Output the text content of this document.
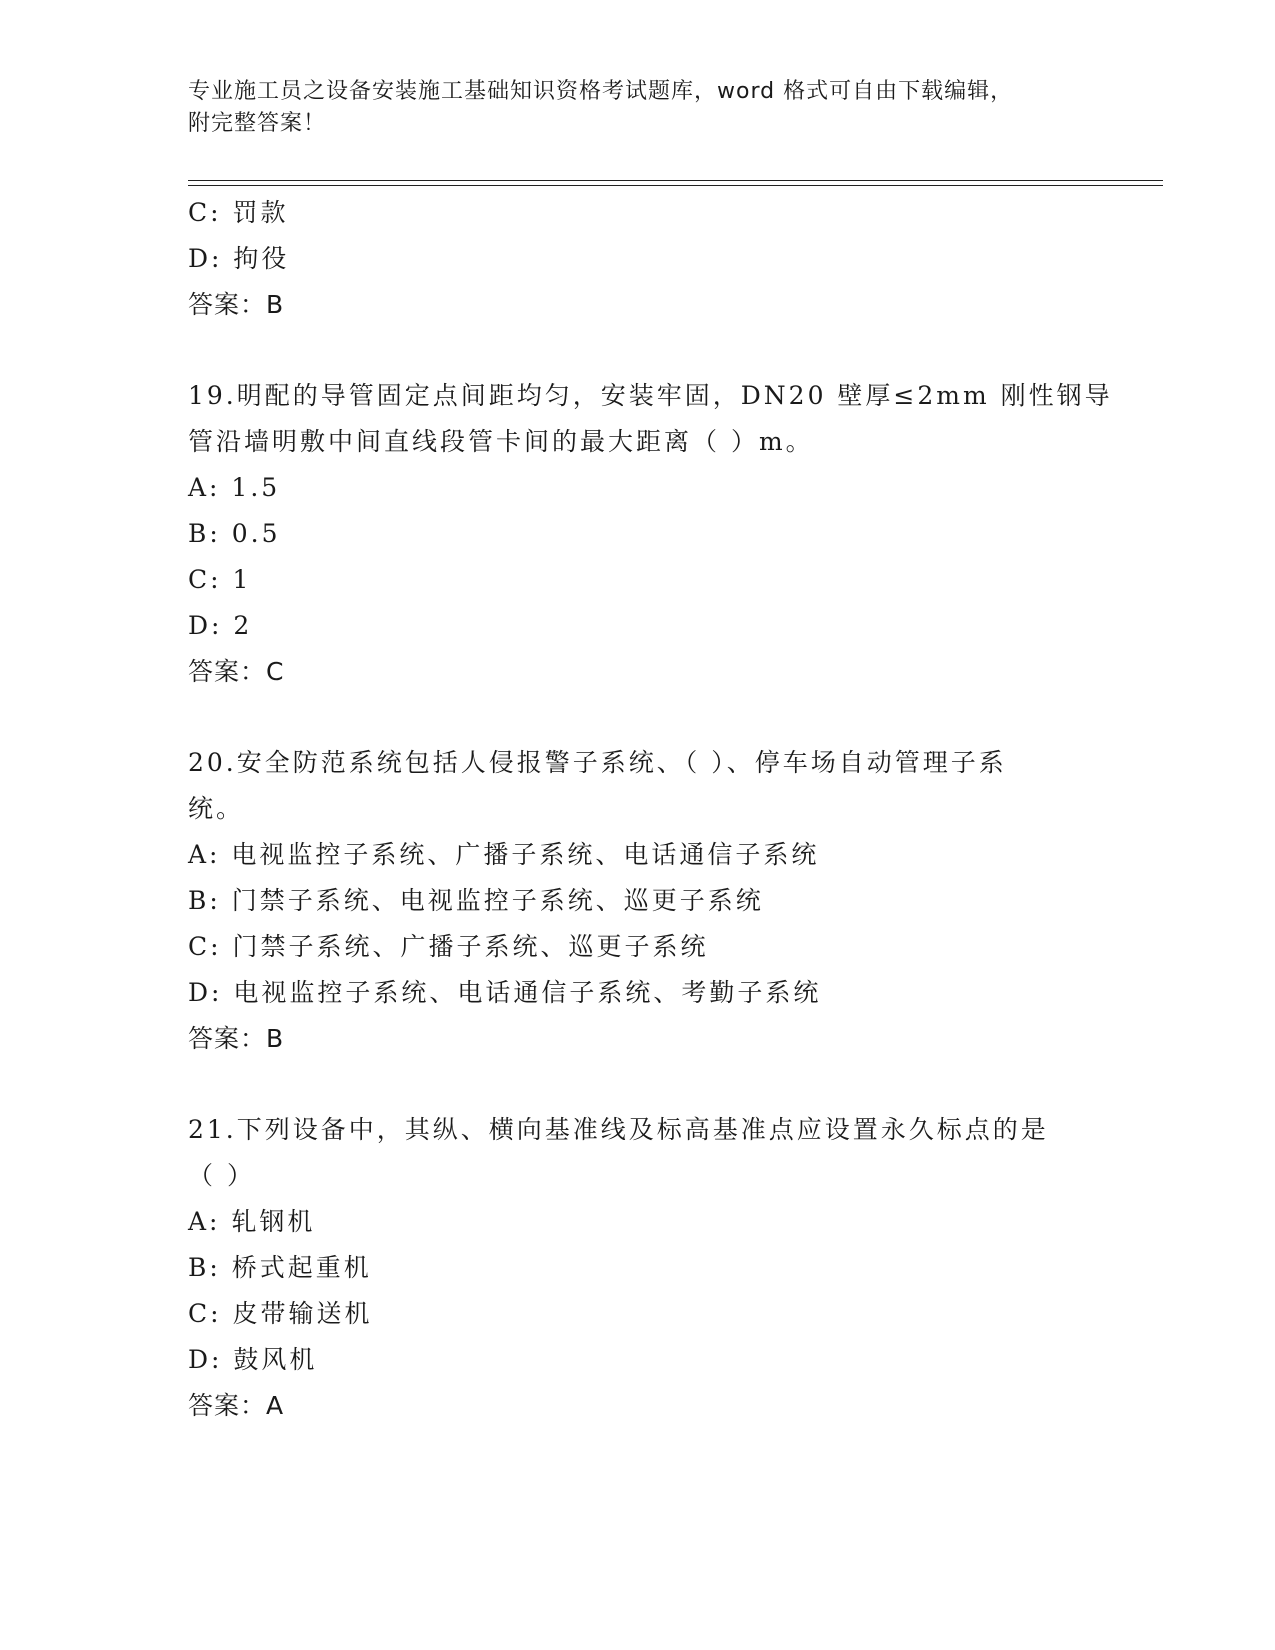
专业施工员之设备安装施工基础知识资格考试题库，word 格式可自由下载编辑，
附完整答案！
C: 罚款
D: 拘役
答案：B
19.明配的导管固定点间距均匀，安装牢固，DN20 壁厚≤2mm 刚性钢导
管沿墙明敷中间直线段管卡间的最大距离（ ）m。
A: 1.5
B: 0.5
C: 1
D: 2
答案：C
20.安全防范系统包括人侵报警子系统、（ ）、停车场自动管理子系
统。
A: 电视监控子系统、广播子系统、电话通信子系统
B: 门禁子系统、电视监控子系统、巡更子系统
C: 门禁子系统、广播子系统、巡更子系统
D: 电视监控子系统、电话通信子系统、考勤子系统
答案：B
21.下列设备中，其纵、横向基准线及标高基准点应设置永久标点的是
（ ）
A: 轧钢机
B: 桥式起重机
C: 皮带输送机
D: 鼓风机
答案：A
